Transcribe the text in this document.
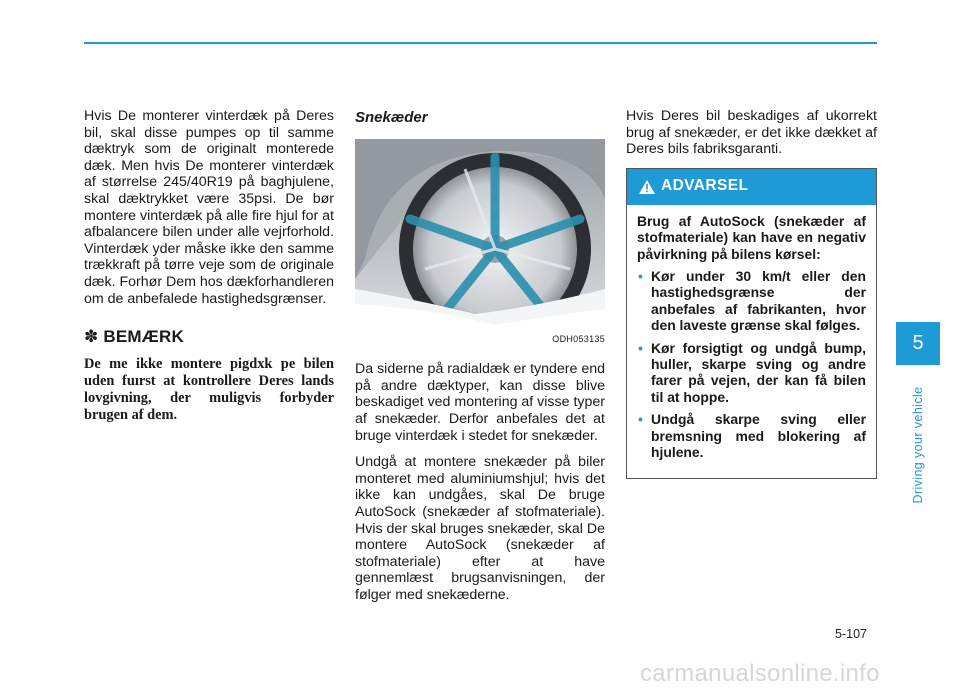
Hvis De monterer vinterdæk på Deres bil, skal disse pumpes op til samme dæktryk som de originalt monterede dæk. Men hvis De monterer vinterdæk af størrelse 245/40R19 på baghjulene, skal dæktrykket være 35psi. De bør montere vinterdæk på alle fire hjul for at afbalancere bilen under alle vejrforhold. Vinterdæk yder måske ikke den samme trækkraft på tørre veje som de originale dæk. Forhør Dem hos dækforhandleren om de anbefalede hastighedsgrænser.

✽ BEMÆRK
De me ikke montere pigdxk pe bilen uden fuırst at kontrollere Deres lands lovgivning, der muligvis forbyder brugen af dem.
Snekæder
ODH053135

Da siderne på radialdæk er tyndere end på andre dæktyper, kan disse blive beskadiget ved montering af visse typer af snekæder. Derfor anbefales det at bruge vinterdæk i stedet for snekæder.

Undgå at montere snekæder på biler monteret med aluminiumshjul; hvis det ikke kan undgåes, skal De bruge AutoSock (snekæder af stofmateriale). Hvis der skal bruges snekæder, skal De montere AutoSock (snekæder af stofmateriale) efter at have gennemlæst brugsanvisningen, der følger med snekæderne.

Hvis Deres bil beskadiges af ukorrekt brug af snekæder, er det ikke dækket af Deres bils fabriksgaranti.

ADVARSEL
Brug af AutoSock (snekæder af stofmateriale) kan have en negativ påvirkning på bilens kørsel:
• Kør under 30 km/t eller den hastighedsgrænse der anbefales af fabrikanten, hvor den laveste grænse skal følges.
• Kør forsigtigt og undgå bump, huller, skarpe sving og andre farer på vejen, der kan få bilen til at hoppe.
• Undgå skarpe sving eller bremsning med blokering af hjulene.
5
Driving your vehicle
5-107
carmanualsonline.info
